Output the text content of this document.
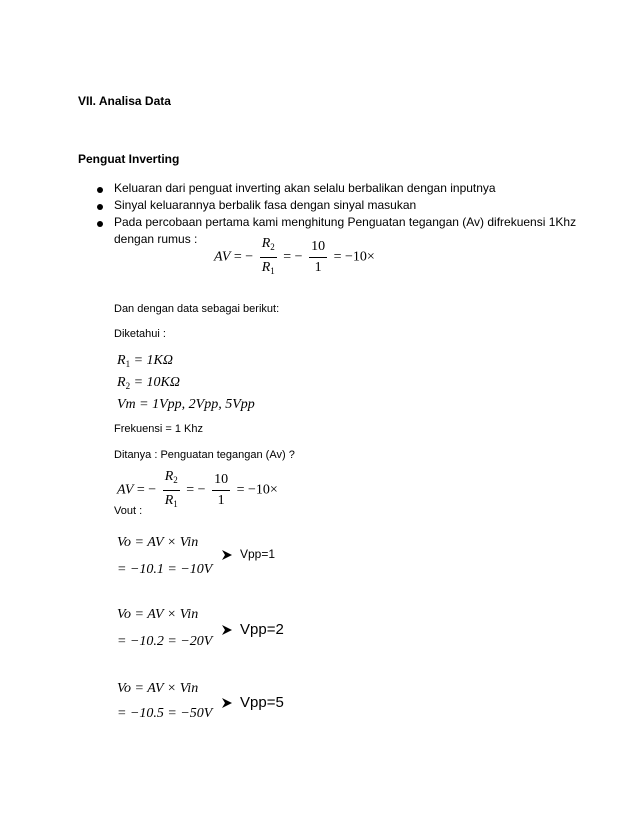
VII. Analisa Data
Penguat Inverting
Keluaran dari penguat inverting akan selalu berbalikan dengan inputnya
Sinyal keluarannya berbalik fasa dengan sinyal masukan
Pada percobaan pertama kami menghitung Penguatan tegangan (Av) difrekuensi 1Khz
dengan rumus :
AV = − $\frac{R_2}{R_1}$ = − $\frac{10}{1} = -10\times$
Dan dengan data sebagai berikut:
Diketahui :
$R_1 = 1K\Omega$
$R_2 = 10K\Omega$
Vm = 1Vpp, 2Vpp, 5Vpp
Frekuensi = 1 Khz
Ditanya : Penguatan tegangan (Av) ?
AV = − $\frac{R_2}{R_1}$ = − $\frac{10}{1} = -10\times$
Vout :
Vo = AV × Vin
= −10.1 = −10V
Vpp=1
Vo = AV × Vin
= −10.2 = −20V
Vpp=2
Vo = AV × Vin
= −10.5 = −50V
Vpp=5
